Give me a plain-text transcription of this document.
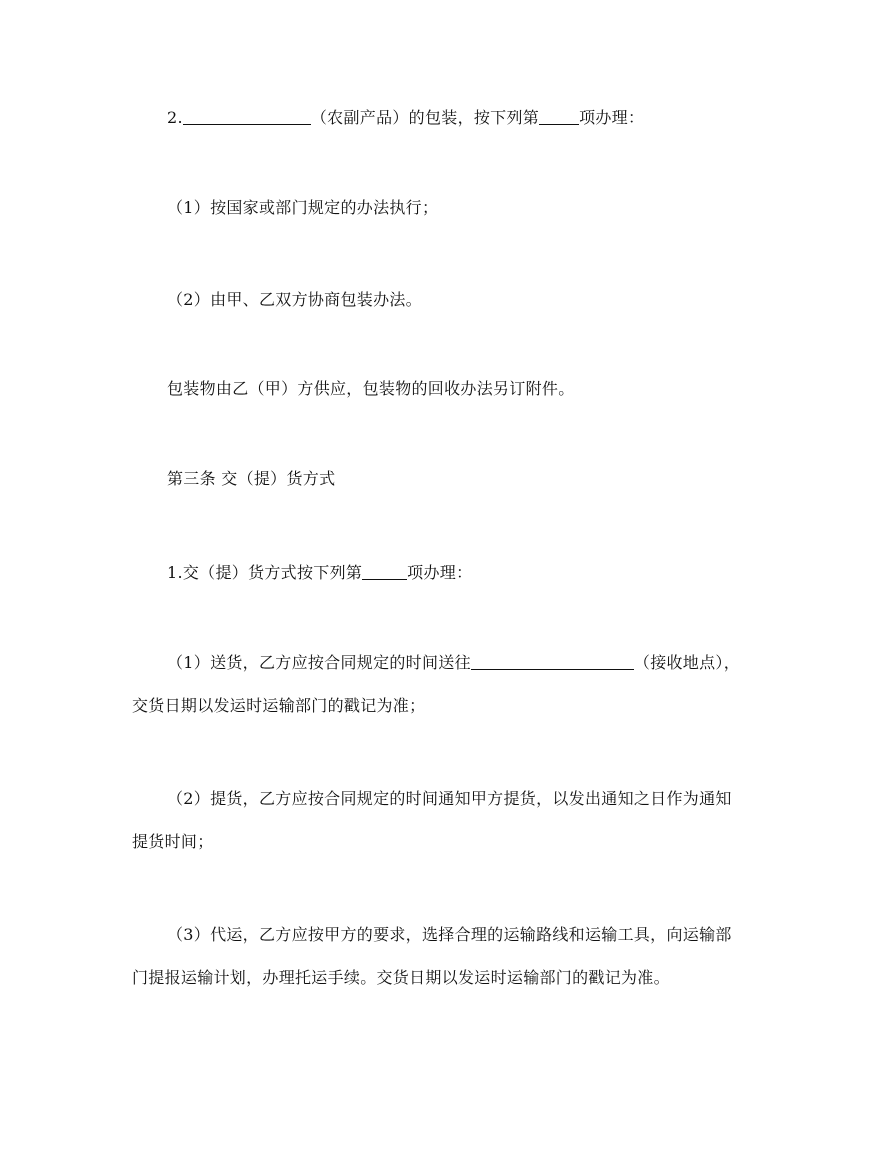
2.	（农副产品）的包装，按下列第	项办理：
（1）按国家或部门规定的办法执行；
（2）由甲、乙双方协商包装办法。
包装物由乙（甲）方供应，包装物的回收办法另订附件。
第三条 交（提）货方式
1.交（提）货方式按下列第	项办理：
（1）送货，乙方应按合同规定的时间送往	（接收地点），
交货日期以发运时运输部门的戳记为准；
（2）提货，乙方应按合同规定的时间通知甲方提货，以发出通知之日作为通知
提货时间；
（3）代运，乙方应按甲方的要求，选择合理的运输路线和运输工具，向运输部
门提报运输计划，办理托运手续。交货日期以发运时运输部门的戳记为准。
